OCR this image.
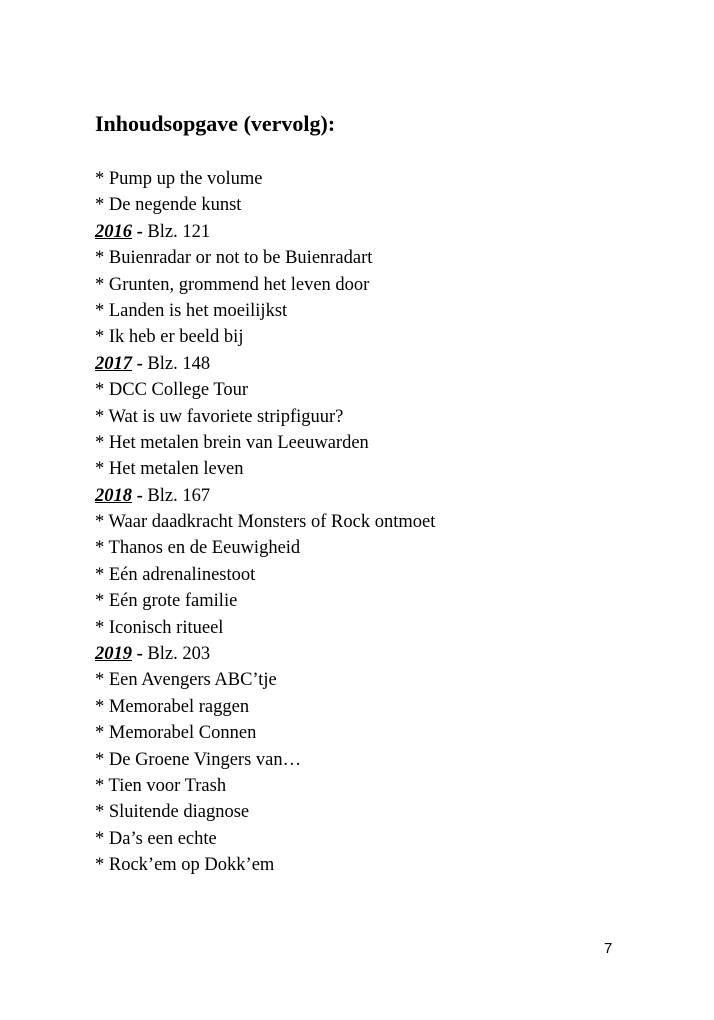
Inhoudsopgave (vervolg):
* Pump up the volume
* De negende kunst
2016 - Blz. 121
* Buienradar or not to be Buienradart
* Grunten, grommend het leven door
* Landen is het moeilijkst
* Ik heb er beeld bij
2017 - Blz. 148
* DCC College Tour
* Wat is uw favoriete stripfiguur?
* Het metalen brein van Leeuwarden
* Het metalen leven
2018 - Blz. 167
* Waar daadkracht Monsters of Rock ontmoet
* Thanos en de Eeuwigheid
* Eén adrenalinestoot
* Eén grote familie
* Iconisch ritueel
2019 - Blz. 203
* Een Avengers ABC’tje
* Memorabel raggen
* Memorabel Connen
* De Groene Vingers van…
* Tien voor Trash
* Sluitende diagnose
* Da’s een echte
* Rock’em op Dokk’em
7
